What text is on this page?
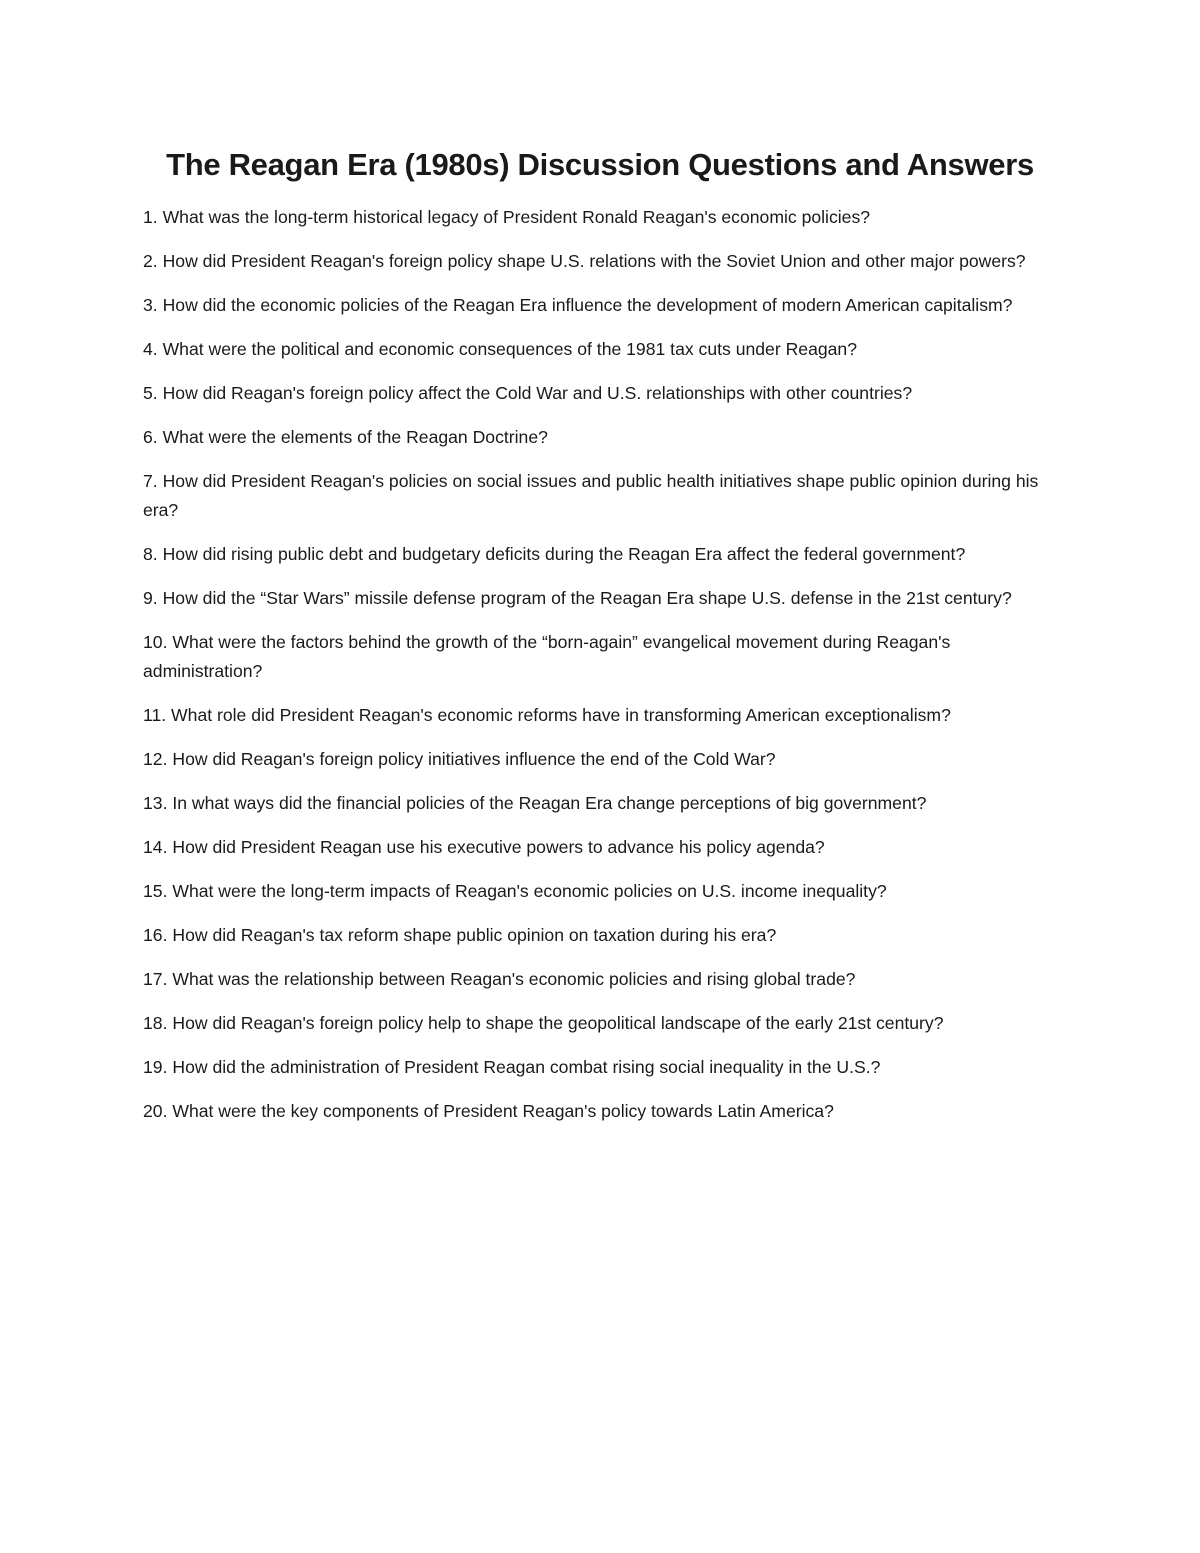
The Reagan Era (1980s) Discussion Questions and Answers
1. What was the long-term historical legacy of President Ronald Reagan's economic policies?
2. How did President Reagan's foreign policy shape U.S. relations with the Soviet Union and other major powers?
3. How did the economic policies of the Reagan Era influence the development of modern American capitalism?
4. What were the political and economic consequences of the 1981 tax cuts under Reagan?
5. How did Reagan's foreign policy affect the Cold War and U.S. relationships with other countries?
6. What were the elements of the Reagan Doctrine?
7. How did President Reagan's policies on social issues and public health initiatives shape public opinion during his era?
8. How did rising public debt and budgetary deficits during the Reagan Era affect the federal government?
9. How did the “Star Wars” missile defense program of the Reagan Era shape U.S. defense in the 21st century?
10. What were the factors behind the growth of the “born-again” evangelical movement during Reagan's administration?
11. What role did President Reagan's economic reforms have in transforming American exceptionalism?
12. How did Reagan's foreign policy initiatives influence the end of the Cold War?
13. In what ways did the financial policies of the Reagan Era change perceptions of big government?
14. How did President Reagan use his executive powers to advance his policy agenda?
15. What were the long-term impacts of Reagan's economic policies on U.S. income inequality?
16. How did Reagan's tax reform shape public opinion on taxation during his era?
17. What was the relationship between Reagan's economic policies and rising global trade?
18. How did Reagan's foreign policy help to shape the geopolitical landscape of the early 21st century?
19. How did the administration of President Reagan combat rising social inequality in the U.S.?
20. What were the key components of President Reagan's policy towards Latin America?
